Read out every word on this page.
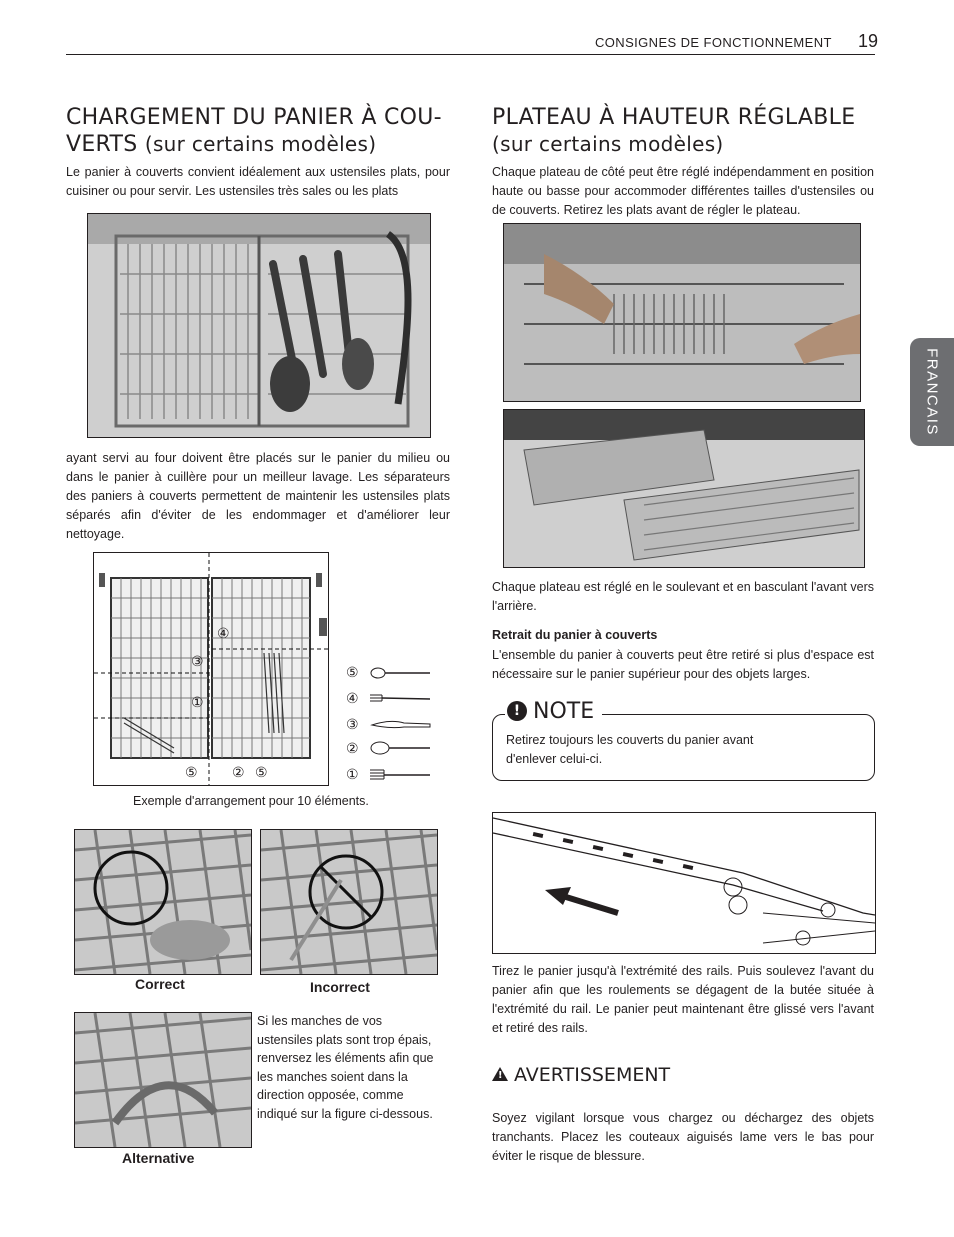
CONSIGNES DE FONCTIONNEMENT 19
FRANCAIS
CHARGEMENT DU PANIER À COU-
VERTS (sur certains modèles)
Le panier à couverts convient idéalement aux ustensiles plats, pour cuisiner ou pour servir. Les ustensiles très sales ou les plats
ayant servi au four doivent être placés sur le panier du milieu ou dans le panier à cuillère pour un meilleur lavage. Les séparateurs des paniers à couverts permettent de maintenir les ustensiles plats séparés afin d'éviter de les endommager et d'améliorer leur nettoyage.
④
③
①
⑤ ② ⑤
⑤
④
③
②
①
Exemple d'arrangement pour 10 éléments.
Correct	Incorrect
Alternative
Si les manches de vos ustensiles plats sont trop épais, renversez les éléments afin que les manches soient dans la direction opposée, comme indiqué sur la figure ci-dessous.
PLATEAU À HAUTEUR RÉGLABLE
(sur certains modèles)
Chaque plateau de côté peut être réglé indépendamment en position haute ou basse pour accommoder différentes tailles d'ustensiles ou de couverts. Retirez les plats avant de régler le plateau.
Chaque plateau est réglé en le soulevant et en basculant l'avant vers l'arrière.
Retrait du panier à couverts
L'ensemble du panier à couverts peut être retiré si plus d'espace est nécessaire sur le panier supérieur pour des objets larges.
! NOTE
Retirez toujours les couverts du panier avant d'enlever celui-ci.
Tirez le panier jusqu'à l'extrémité des rails. Puis soulevez l'avant du panier afin que les roulements se dégagent de la butée située à l'extrémité du rail. Le panier peut maintenant être glissé vers l'avant et retiré des rails.
! AVERTISSEMENT
Soyez vigilant lorsque vous chargez ou déchargez des objets tranchants. Placez les couteaux aiguisés lame vers le bas pour éviter le risque de blessure.
